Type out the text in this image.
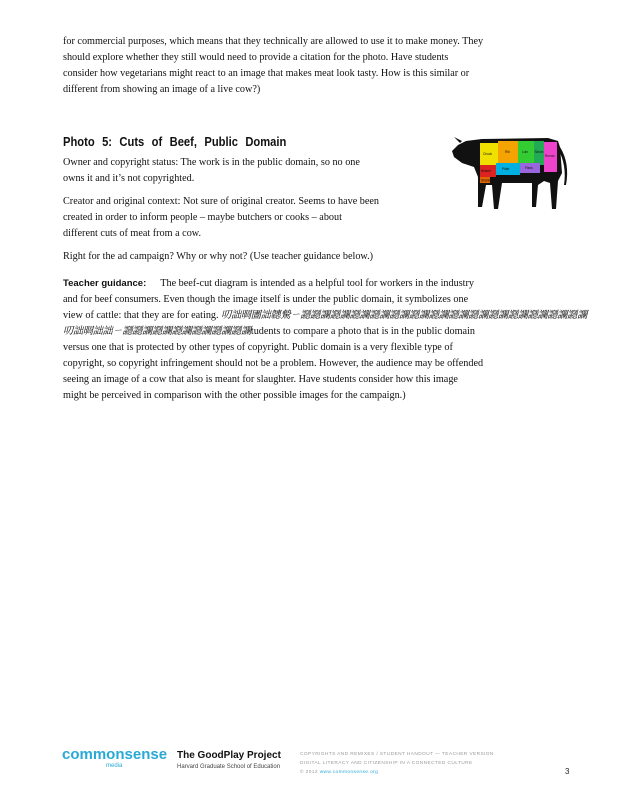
for commercial purposes, which means that they technically are allowed to use it to make money. They
should explore whether they still would need to provide a citation for the photo. Have students
consider how vegetarians might react to an image that makes meat look tasty. How is this similar or
different from showing an image of a live cow?)
Photo 5: Cuts of Beef, Public Domain
Owner and copyright status: The work is in the public domain, so no one
owns it and it’s not copyrighted.
Creator and original context: Not sure of original creator. Seems to have been
created in order to inform people – maybe butchers or cooks – about
different cuts of meat from a cow.
Right for the ad campaign? Why or why not? (Use teacher guidance below.)
Teacher guidance: The beef-cut diagram is intended as a helpful tool for workers in the industry
and for beef consumers. Even though the image itself is under the public domain, it symbolizes one
view of cattle: that they are for eating. 叨詘晭圕詘韢驇ㄧ讔讔讕讔讕讔讕讔讕讔讕讔讕讔讕讔讕讔讕讔讕讔讕讔讕讔讕讔讕
叨詘晭詘詘ㄧ讔讔讕讔讕讔讕讔讕讔讕讔讕tudents to compare a photo that is in the public domain
versus one that is protected by other types of copyright. Public domain is a very flexible type of
copyright, so copyright infringement should not be a problem. However, the audience may be offended
seeing an image of a cow that also is meant for slaughter. Have students consider how this image
might be perceived in comparison with the other possible images for the campaign.)
Chuck	Rib	Loin Sirloin
Round
Brisket	Plate	Flank
Shank
commonsense
media
The GoodPlay Project
Harvard Graduate School of Education
COPYRIGHTS AND REMIXES / STUDENT HANDOUT — TEACHER VERSION
DIGITAL LITERACY AND CITIZENSHIP IN A CONNECTED CULTURE
© 2012 www.commonsense.org	3
